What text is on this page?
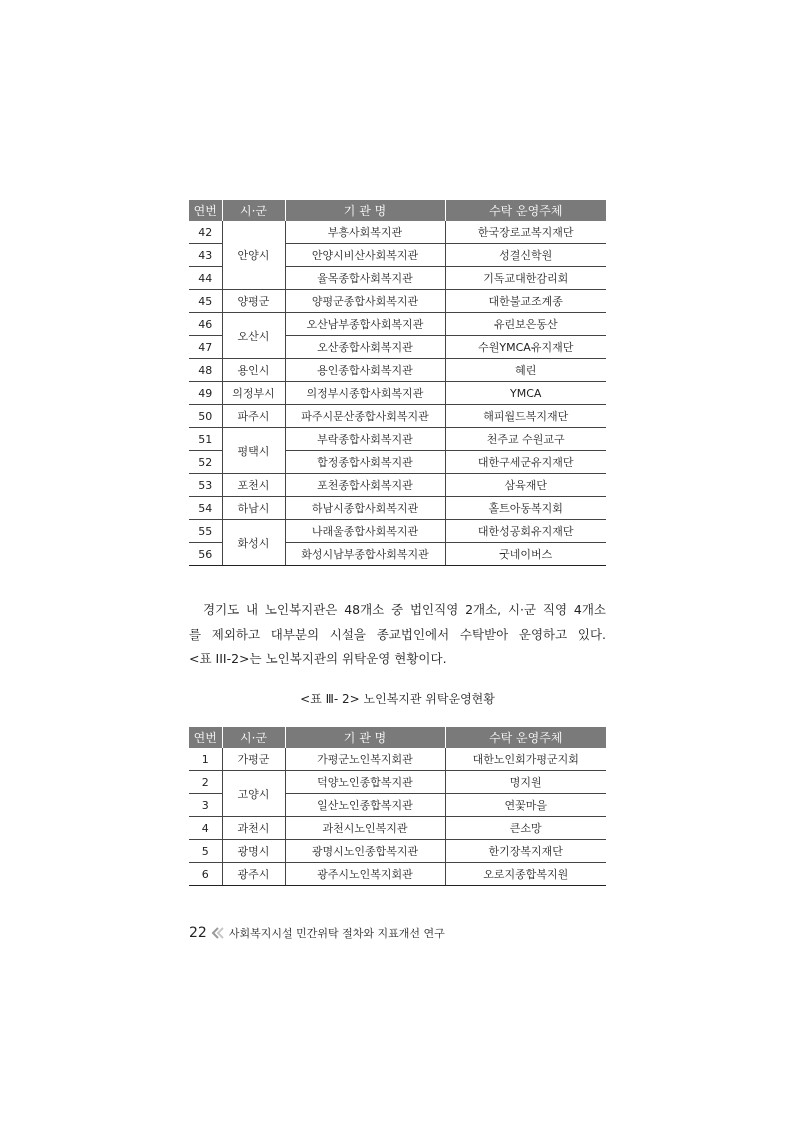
연번	시·군	기 관 명	수탁 운영주체
42	안양시	부흥사회복지관	한국장로교복지재단
43		안양시비산사회복지관	성결신학원
44		율목종합사회복지관	기독교대한감리회
45	양평군	양평군종합사회복지관	대한불교조계종
46	오산시	오산남부종합사회복지관	유린보은동산
47		오산종합사회복지관	수원YMCA유지재단
48	용인시	용인종합사회복지관	혜린
49	의정부시	의정부시종합사회복지관	YMCA
50	파주시	파주시문산종합사회복지관	해피월드복지재단
51	평택시	부락종합사회복지관	천주교 수원교구
52		합정종합사회복지관	대한구세군유지재단
53	포천시	포천종합사회복지관	삼육재단
54	하남시	하남시종합사회복지관	홀트아동복지회
55	화성시	나래울종합사회복지관	대한성공회유지재단
56		화성시남부종합사회복지관	굿네이버스

경기도 내 노인복지관은 48개소 중 법인직영 2개소, 시·군 직영 4개소
를 제외하고 대부분의 시설을 종교법인에서 수탁받아 운영하고 있다.
<표 III-2>는 노인복지관의 위탁운영 현황이다.

<표 Ⅲ- 2> 노인복지관 위탁운영현황

연번	시·군	기 관 명	수탁 운영주체
1	가평군	가평군노인복지회관	대한노인회가평군지회
2	고양시	덕양노인종합복지관	명지원
3		일산노인종합복지관	연꽃마을
4	과천시	과천시노인복지관	큰소망
5	광명시	광명시노인종합복지관	한기장복지재단
6	광주시	광주시노인복지회관	오로지종합복지원
22 사회복지시설 민간위탁 절차와 지표개선 연구
